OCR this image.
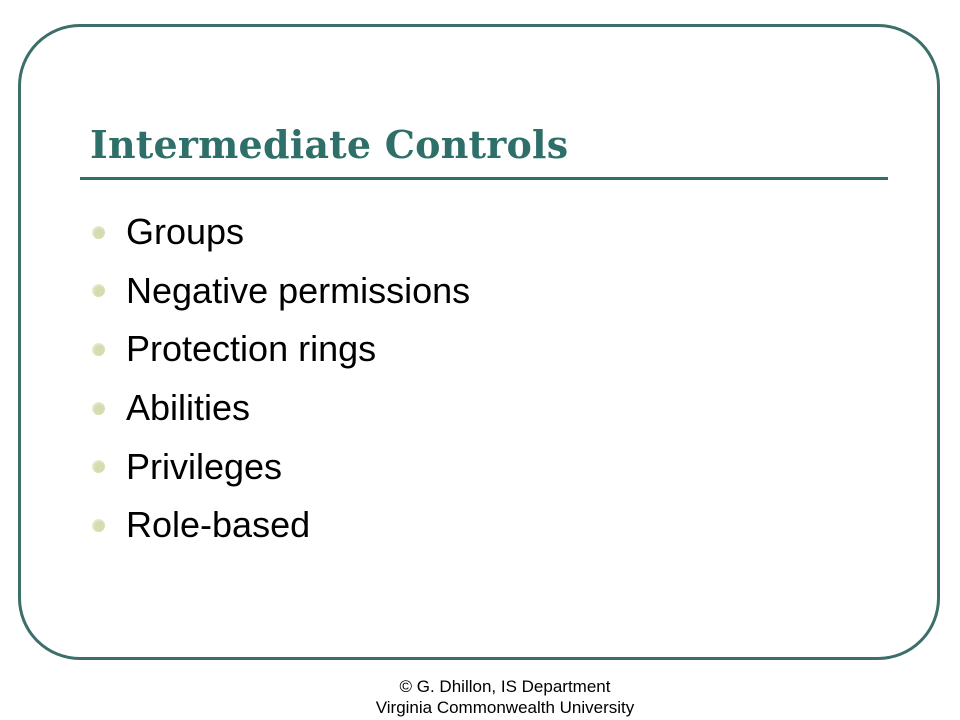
Intermediate Controls
Groups
Negative permissions
Protection rings
Abilities
Privileges
Role-based
© G. Dhillon, IS Department
Virginia Commonwealth University
